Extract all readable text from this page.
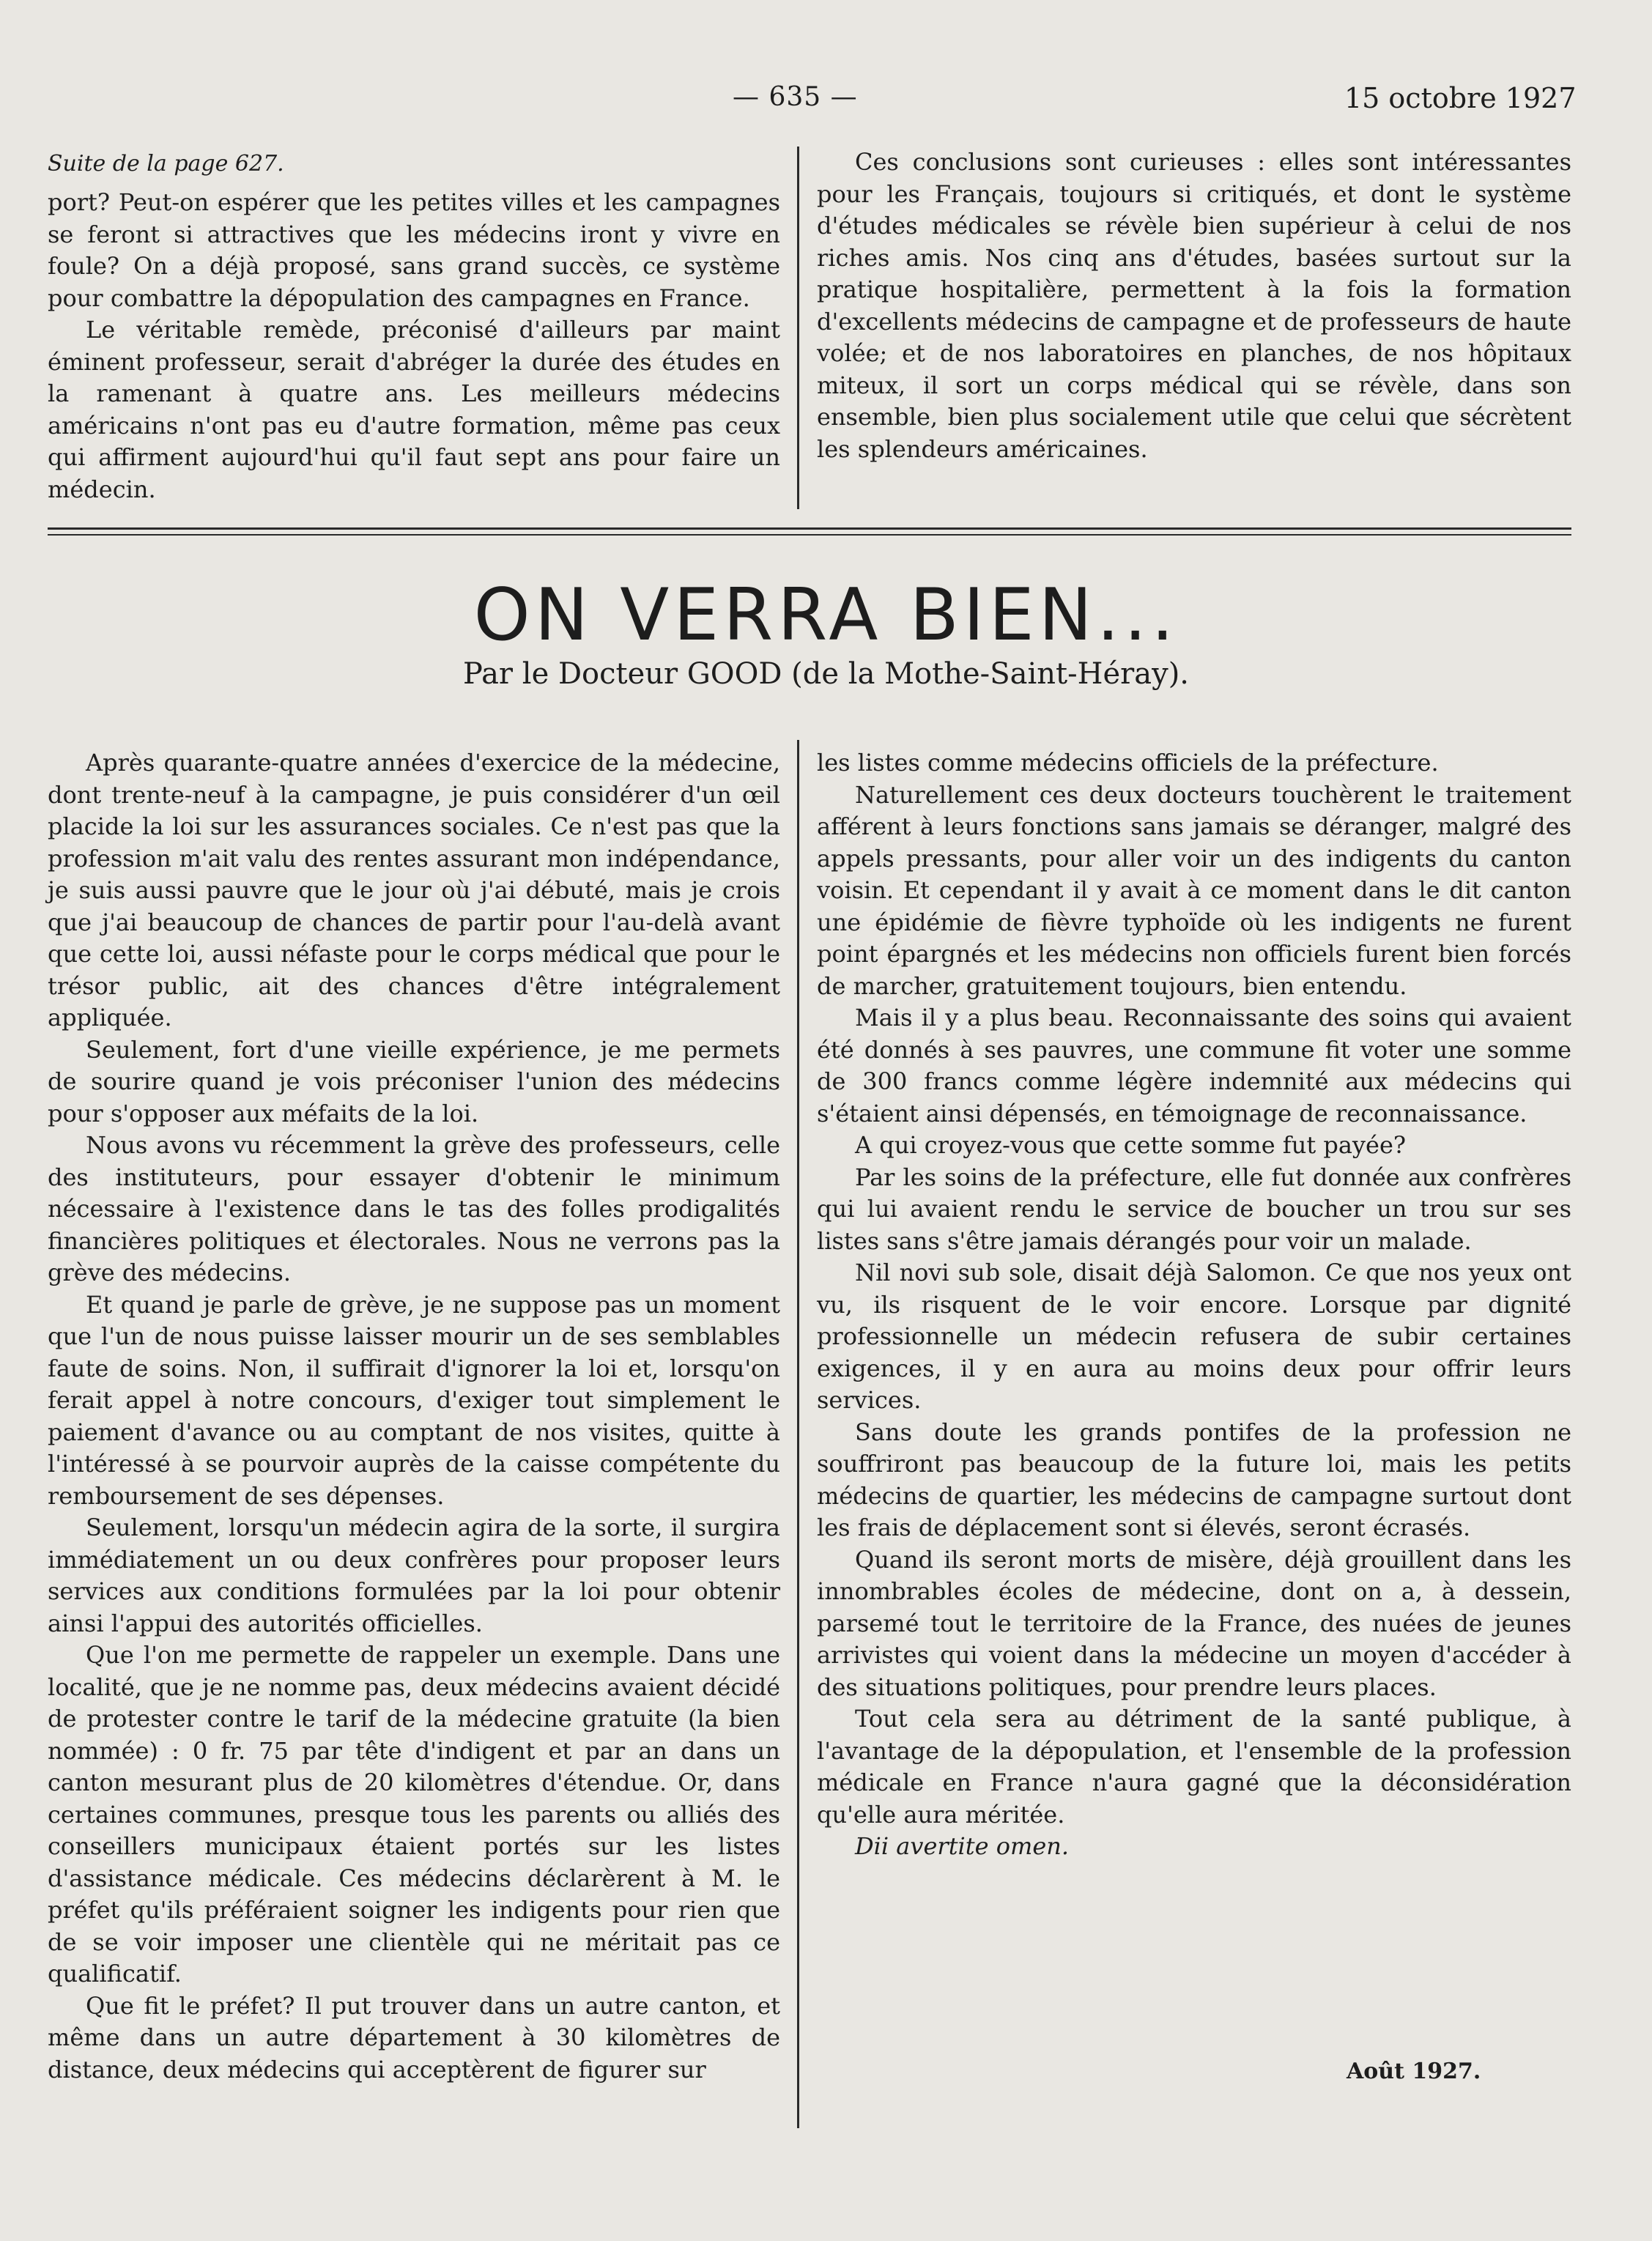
— 635 —	15 octobre 1927
Suite de la page 627.

port? Peut-on espérer que les petites villes et les campagnes se feront si attractives que les médecins iront y vivre en foule? On a déjà proposé, sans grand succès, ce système pour combattre la dépopulation des campagnes en France.

Le véritable remède, préconisé d'ailleurs par maint éminent professeur, serait d'abréger la durée des études en la ramenant à quatre ans. Les meilleurs médecins américains n'ont pas eu d'autre formation, même pas ceux qui affirment aujourd'hui qu'il faut sept ans pour faire un médecin.

Ces conclusions sont curieuses : elles sont intéressantes pour les Français, toujours si critiqués, et dont le système d'études médicales se révèle bien supérieur à celui de nos riches amis. Nos cinq ans d'études, basées surtout sur la pratique hospitalière, permettent à la fois la formation d'excellents médecins de campagne et de professeurs de haute volée; et de nos laboratoires en planches, de nos hôpitaux miteux, il sort un corps médical qui se révèle, dans son ensemble, bien plus socialement utile que celui que sécrètent les splendeurs américaines.

ON VERRA BIEN...
Par le Docteur GOOD (de la Mothe-Saint-Héray).

Après quarante-quatre années d'exercice de la médecine, dont trente-neuf à la campagne, je puis considérer d'un œil placide la loi sur les assurances sociales. Ce n'est pas que la profession m'ait valu des rentes assurant mon indépendance, je suis aussi pauvre que le jour où j'ai débuté, mais je crois que j'ai beaucoup de chances de partir pour l'au-delà avant que cette loi, aussi néfaste pour le corps médical que pour le trésor public, ait des chances d'être intégralement appliquée.

Seulement, fort d'une vieille expérience, je me permets de sourire quand je vois préconiser l'union des médecins pour s'opposer aux méfaits de la loi.

Nous avons vu récemment la grève des professeurs, celle des instituteurs, pour essayer d'obtenir le minimum nécessaire à l'existence dans le tas des folles prodigalités financières politiques et électorales. Nous ne verrons pas la grève des médecins.

Et quand je parle de grève, je ne suppose pas un moment que l'un de nous puisse laisser mourir un de ses semblables faute de soins. Non, il suffirait d'ignorer la loi et, lorsqu'on ferait appel à notre concours, d'exiger tout simplement le paiement d'avance ou au comptant de nos visites, quitte à l'intéressé à se pourvoir auprès de la caisse compétente du remboursement de ses dépenses.

Seulement, lorsqu'un médecin agira de la sorte, il surgira immédiatement un ou deux confrères pour proposer leurs services aux conditions formulées par la loi pour obtenir ainsi l'appui des autorités officielles.

Que l'on me permette de rappeler un exemple. Dans une localité, que je ne nomme pas, deux médecins avaient décidé de protester contre le tarif de la médecine gratuite (la bien nommée) : 0 fr. 75 par tête d'indigent et par an dans un canton mesurant plus de 20 kilomètres d'étendue. Or, dans certaines communes, presque tous les parents ou alliés des conseillers municipaux étaient portés sur les listes d'assistance médicale. Ces médecins déclarèrent à M. le préfet qu'ils préféraient soigner les indigents pour rien que de se voir imposer une clientèle qui ne méritait pas ce qualificatif.

Que fit le préfet? Il put trouver dans un autre canton, et même dans un autre département à 30 kilomètres de distance, deux médecins qui acceptèrent de figurer sur

les listes comme médecins officiels de la préfecture.

Naturellement ces deux docteurs touchèrent le traitement afférent à leurs fonctions sans jamais se déranger, malgré des appels pressants, pour aller voir un des indigents du canton voisin. Et cependant il y avait à ce moment dans le dit canton une épidémie de fièvre typhoïde où les indigents ne furent point épargnés et les médecins non officiels furent bien forcés de marcher, gratuitement toujours, bien entendu.

Mais il y a plus beau. Reconnaissante des soins qui avaient été donnés à ses pauvres, une commune fit voter une somme de 300 francs comme légère indemnité aux médecins qui s'étaient ainsi dépensés, en témoignage de reconnaissance.

A qui croyez-vous que cette somme fut payée?

Par les soins de la préfecture, elle fut donnée aux confrères qui lui avaient rendu le service de boucher un trou sur ses listes sans s'être jamais dérangés pour voir un malade.

Nil novi sub sole, disait déjà Salomon. Ce que nos yeux ont vu, ils risquent de le voir encore. Lorsque par dignité professionnelle un médecin refusera de subir certaines exigences, il y en aura au moins deux pour offrir leurs services.

Sans doute les grands pontifes de la profession ne souffriront pas beaucoup de la future loi, mais les petits médecins de quartier, les médecins de campagne surtout dont les frais de déplacement sont si élevés, seront écrasés.

Quand ils seront morts de misère, déjà grouillent dans les innombrables écoles de médecine, dont on a, à dessein, parsemé tout le territoire de la France, des nuées de jeunes arrivistes qui voient dans la médecine un moyen d'accéder à des situations politiques, pour prendre leurs places.

Tout cela sera au détriment de la santé publique, à l'avantage de la dépopulation, et l'ensemble de la profession médicale en France n'aura gagné que la déconsidération qu'elle aura méritée.

Dii avertite omen.

Août 1927.
